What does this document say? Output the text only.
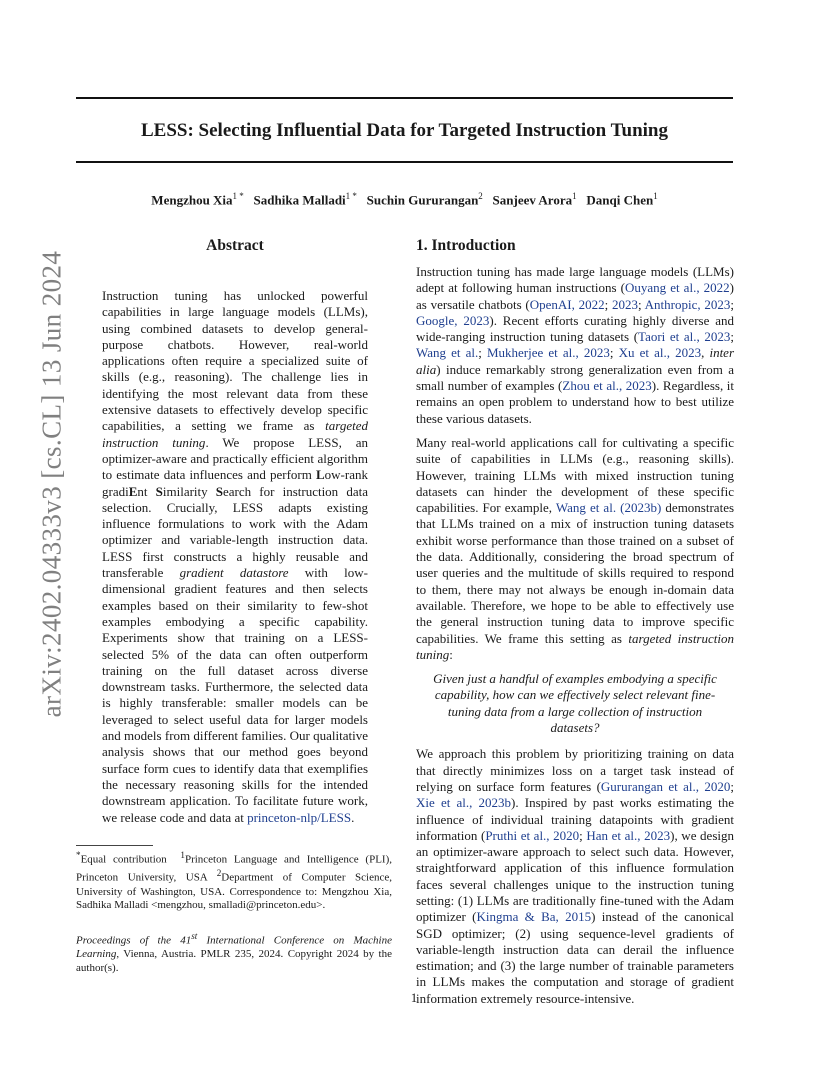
LESS: Selecting Influential Data for Targeted Instruction Tuning
Mengzhou Xia$^{1 *}$ Sadhika Malladi$^{1 *}$ Suchin Gururangan$^2$ Sanjeev Arora$^1$ Danqi Chen$^1$
arXiv:2402.04333v3 [cs.CL] 13 Jun 2024
Abstract

Instruction tuning has unlocked powerful capabilities in large language models (LLMs), using combined datasets to develop general-purpose chatbots. However, real-world applications often require a specialized suite of skills (e.g., reasoning). The challenge lies in identifying the most relevant data from these extensive datasets to effectively develop specific capabilities, a setting we frame as targeted instruction tuning. We propose LESS, an optimizer-aware and practically efficient algorithm to estimate data influences and perform Low-rank gradiEnt Similarity Search for instruction data selection. Crucially, LESS adapts existing influence formulations to work with the Adam optimizer and variable-length instruction data. LESS first constructs a highly reusable and transferable gradient datastore with low-dimensional gradient features and then selects examples based on their similarity to few-shot examples embodying a specific capability. Experiments show that training on a LESS-selected 5% of the data can often outperform training on the full dataset across diverse downstream tasks. Furthermore, the selected data is highly transferable: smaller models can be leveraged to select useful data for larger models and models from different families. Our qualitative analysis shows that our method goes beyond surface form cues to identify data that exemplifies the necessary reasoning skills for the intended downstream application. To facilitate future work, we release code and data at princeton-nlp/LESS.

*Equal contribution $^1$Princeton Language and Intelligence (PLI), Princeton University, USA $^2$Department of Computer Science, University of Washington, USA. Correspondence to: Mengzhou Xia, Sadhika Malladi <mengzhou, smalladi@princeton.edu>.
Proceedings of the 41st International Conference on Machine Learning, Vienna, Austria. PMLR 235, 2024. Copyright 2024 by the author(s).
1. Introduction

Instruction tuning has made large language models (LLMs) adept at following human instructions (Ouyang et al., 2022) as versatile chatbots (OpenAI, 2022; 2023; Anthropic, 2023; Google, 2023). Recent efforts curating highly diverse and wide-ranging instruction tuning datasets (Taori et al., 2023; Wang et al.; Mukherjee et al., 2023; Xu et al., 2023, inter alia) induce remarkably strong generalization even from a small number of examples (Zhou et al., 2023). Regardless, it remains an open problem to understand how to best utilize these various datasets.

Many real-world applications call for cultivating a specific suite of capabilities in LLMs (e.g., reasoning skills). However, training LLMs with mixed instruction tuning datasets can hinder the development of these specific capabilities. For example, Wang et al. (2023b) demonstrates that LLMs trained on a mix of instruction tuning datasets exhibit worse performance than those trained on a subset of the data. Additionally, considering the broad spectrum of user queries and the multitude of skills required to respond to them, there may not always be enough in-domain data available. Therefore, we hope to be able to effectively use the general instruction tuning data to improve specific capabilities. We frame this setting as targeted instruction tuning:

Given just a handful of examples embodying a specific capability, how can we effectively select relevant fine-tuning data from a large collection of instruction datasets?

We approach this problem by prioritizing training on data that directly minimizes loss on a target task instead of relying on surface form features (Gururangan et al., 2020; Xie et al., 2023b). Inspired by past works estimating the influence of individual training datapoints with gradient information (Pruthi et al., 2020; Han et al., 2023), we design an optimizer-aware approach to select such data. However, straightforward application of this influence formulation faces several challenges unique to the instruction tuning setting: (1) LLMs are traditionally fine-tuned with the Adam optimizer (Kingma & Ba, 2015) instead of the canonical SGD optimizer; (2) using sequence-level gradients of variable-length instruction data can derail the influence estimation; and (3) the large number of trainable parameters in LLMs makes the computation and storage of gradient information extremely resource-intensive.

1
